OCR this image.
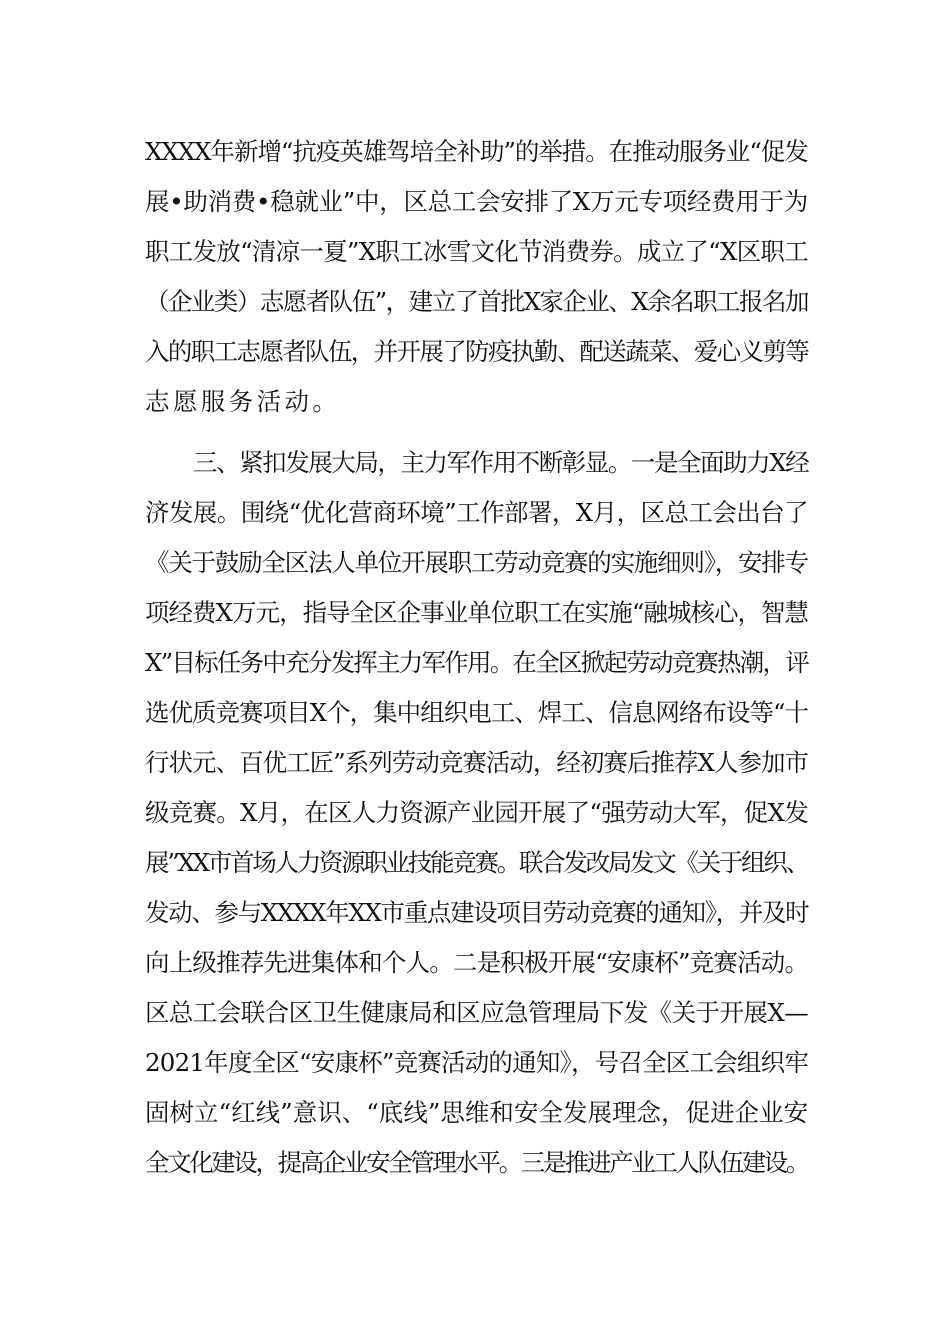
XXXX年新增“抗疫英雄驾培全补助”的举措。在推动服务业“促发
展•助消费•稳就业”中，区总工会安排了X万元专项经费用于为
职工发放“清凉一夏”X职工冰雪文化节消费券。成立了“X区职工
（企业类）志愿者队伍”，建立了首批X家企业、X余名职工报名加
入的职工志愿者队伍，并开展了防疫执勤、配送蔬菜、爱心义剪等
志愿服务活动。
三、紧扣发展大局，主力军作用不断彰显。一是全面助力X经
济发展。围绕“优化营商环境”工作部署，X月，区总工会出台了
《关于鼓励全区法人单位开展职工劳动竞赛的实施细则》，安排专
项经费X万元，指导全区企事业单位职工在实施“融城核心，智慧
X”目标任务中充分发挥主力军作用。在全区掀起劳动竞赛热潮，评
选优质竞赛项目X个，集中组织电工、焊工、信息网络布设等“十
行状元、百优工匠”系列劳动竞赛活动，经初赛后推荐X人参加市
级竞赛。X月，在区人力资源产业园开展了“强劳动大军，促X发
展”XX市首场人力资源职业技能竞赛。联合发改局发文《关于组织、
发动、参与XXXX年XX市重点建设项目劳动竞赛的通知》，并及时
向上级推荐先进集体和个人。二是积极开展“安康杯”竞赛活动。
区总工会联合区卫生健康局和区应急管理局下发《关于开展X—
2021年度全区“安康杯”竞赛活动的通知》，号召全区工会组织牢
固树立“红线”意识、“底线”思维和安全发展理念，促进企业安
全文化建设，提高企业安全管理水平。三是推进产业工人队伍建设。
